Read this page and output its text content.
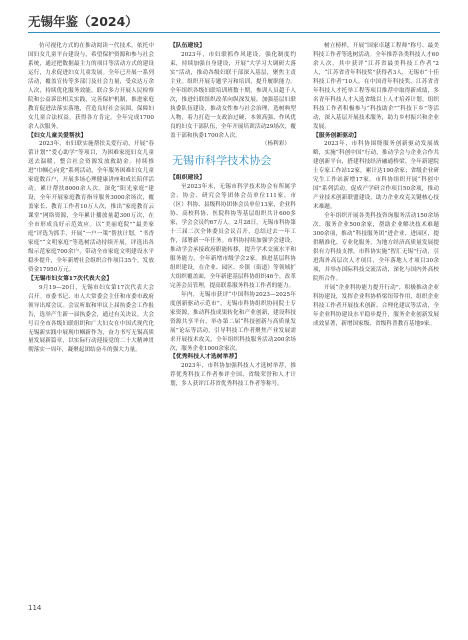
无锡年鉴（2024）

仿可视化方式的在推动阅读一代技术。依托中国妇女儿童平台建设与，希望保护资源和参与社会系统，通过把数据最主力的项目等活动方式的建设运行，力求促进妇女儿童发展。全年已开展一系列活动，覆盖宣传等多部门及社会力量，受众达万余人次，持续优化服务效能。联合多方开展人民检察院和公益诉讼相关实践，完善保护机制，推进家庭教育促进法落实落地，营造良好社会氛围，保障妇女儿童合法权益，获得各方肯定。全年完成1700余人次服务。

【妇女儿童关爱帮扶】

2023年，市妇联实施帮扶关爱行动，开展“春蕾计划”“爱心助学”等项目，为困难家庭妇女儿童送去温暖，整合社会资源发放救助金。持续推进“巾帼心向党”系列活动，全年服务困难妇女儿童家庭数百户，开展多场心理健康讲座和成长陪伴活动，累计帮扶8000余人次。深化“阳光家庭”建设，全年开展家庭教育指导服务3000余场次，覆盖家长、教育工作者10万人次，推出“家庭教育云课堂”网络资源，全年累计播放量超300万次，在全市形成良好示范效应。以“美丽庭院”“最美家庭”评选为抓手，开展“一户一策”帮扶计划，“书香家庭”“文明家庭”等选树活动持续开展，评选出各级示范家庭700余户，带动全市家庭文明建设水平稳步提升，全年新增社会组织合作项目35个，发放资金17950万元。

【无锡市妇女第17次代表大会】

9月19—20日，无锡市妇女第17次代表大会召开。市委书记、市人大常委会主任和市委市政府领导出席会议。会议听取和审议上届执委会工作报告，选举产生新一届执委会，通过有关决议。大会号召全市各级妇联组织和广大妇女在中国式现代化无锡新实践中展现巾帼新作为，奋力书写无锡高质量发展新篇章，以实际行动迎接党的二十大精神贯彻落实一周年，凝聚起团结奋斗的强大力量。

【队伍建设】

2023年，市妇联抓作风建设，强化制度约束，持续加强自身建设，开展“大学习大调研大落实”活动，推动各级妇联干部深入基层，聚焦主责主业。组织开展专题学习和培训，提升履职能力。全年组织各级妇联培训班数十期，参训人员超千人次，推进妇联组织改革向纵深发展，加强基层妇联执委队伍建设，推动女性参与社会治理，选树典型人物，着力打造一支政治过硬、本领高强、作风优良的妇女干部队伍，全年开展培训活动29场次，覆盖干部和执委1700余人次。

（杨利彩）

无锡市科学技术协会
【组织建设】

至2023年末，无锡市科学技术协会有所属学会、协会、研究会等团体会员单位111家，市（区）科协、县级科协团体会员单位13家，企业科协、高校科协、医院科协等基层组织共计600多家，学会会员约67万人。2月28日，无锡市科协第十三届二次全体委员会议召开，总结过去一年工作，部署新一年任务。市科协持续加强学会建设，推动学会承接政府职能转移，提升学术交流水平和服务能力，全年新增市级学会2家。推进基层科协组织建设，在企业、园区、乡镇（街道）等领域扩大组织覆盖面，全年新建基层科协组织46个，改革完善会员管理，提高联系服务科技工作者的能力。

年内，无锡市获评“中国科协2023—2025年度创新驱动示范市”。无锡市科协组织协同院士专家资源，推动科技成果转化和产业创新，建设科技资源共享平台，举办第二届“科技创新与高质量发展”论坛等活动，引导科技工作者聚焦产业发展需求开展技术攻关，全年组织科技服务活动200余场次，服务企业1000余家次。

【优秀科技人才选树举荐】

2023年，市科协加强科技人才选树举荐，推荐优秀科技工作者参评全国、省级荣誉和人才计划，多人获评江苏省优秀科技工作者等称号。

树立榜样，开展“国家卓越工程师”称号、最美科技工作者等选树活动。全年推荐各类科技人才60余人次，其中获评“江苏省最美科技工作者”2人，“江苏省青年科技奖”获得者3人，无锡市“十佳科技工作者”10人。在中国青年科技奖、江苏省青年科技人才托举工程等项目推荐中取得新成绩，多名青年科技人才入选省级以上人才培养计划。组织科技工作者积极参与“科技助企”“科技下乡”等活动，深入基层开展技术服务，助力乡村振兴和企业发展。

【服务创新驱动】

2023年，市科协围绕服务创新驱动发展战略，实施“科创中国”行动，推动学会与企业合作共建创新平台，搭建科技经济融通桥梁。全年新建院士专家工作站12家，累计达190余家；省级企业研究生工作站新增17家。市科协组织开展“科创中国”系列活动，促成产学研合作项目50余项，推动产业技术创新联盟建设，助力企业攻克关键核心技术难题。

全年组织开展各类科技咨询服务活动150余场次，服务企业500余家，帮助企业解决技术难题300余项，推动“科技服务团”进企业、进园区，提供精准化、专业化服务，为地方经济高质量发展提供有力科技支撑。市科协实施“智汇无锡”行动，引进海外高层次人才项目，全年落地人才项目30余项，并举办国际科技交流活动，深化与国内外高校院所合作。

开展“企业科协能力提升行动”，积极推动企业科协建设，发挥企业科协桥梁纽带作用，组织企业科技工作者开展技术创新、合理化建议等活动，全年企业科协建设水平稳步提升，服务企业创新发展成效显著，新增国家级、省级科普教育基地9家。

114
